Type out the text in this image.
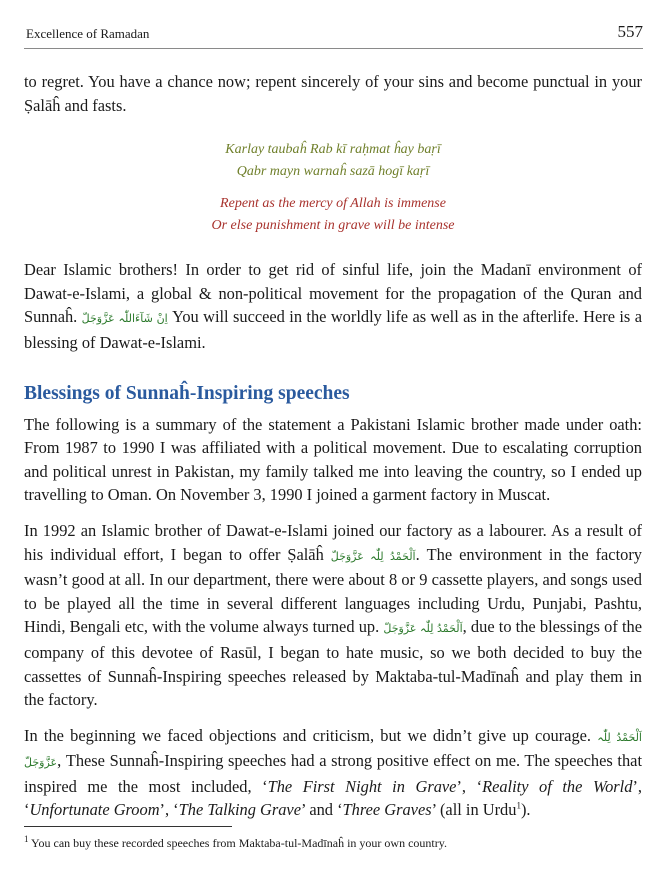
Excellence of Ramadan	557

to regret. You have a chance now; repent sincerely of your sins and become punctual in your Ṣalāĥ and fasts.

Karlay taubaĥ Rab kī raḥmat ĥay baṛī
Qabr mayn warnaĥ sazā hogī kaṛī
Repent as the mercy of Allah is immense
Or else punishment in grave will be intense

Dear Islamic brothers! In order to get rid of sinful life, join the Madanī environment of Dawat-e-Islami, a global & non-political movement for the propagation of the Quran and Sunnaĥ. اِنْ شَآءَاللّٰہ عَزَّوَجَلّ You will succeed in the worldly life as well as in the afterlife. Here is a blessing of Dawat-e-Islami.

Blessings of Sunnaĥ-Inspiring speeches

The following is a summary of the statement a Pakistani Islamic brother made under oath: From 1987 to 1990 I was affiliated with a political movement. Due to escalating corruption and political unrest in Pakistan, my family talked me into leaving the country, so I ended up travelling to Oman. On November 3, 1990 I joined a garment factory in Muscat.

In 1992 an Islamic brother of Dawat-e-Islami joined our factory as a labourer. As a result of his individual effort, I began to offer Ṣalāĥ اَلْحَمْدُ لِلّٰہ عَزَّوَجَلّ. The environment in the factory wasn’t good at all. In our department, there were about 8 or 9 cassette players, and songs used to be played all the time in several different languages including Urdu, Punjabi, Pashtu, Hindi, Bengali etc, with the volume always turned up. اَلْحَمْدُ لِلّٰہ عَزَّوَجَلّ, due to the blessings of the company of this devotee of Rasūl, I began to hate music, so we both decided to buy the cassettes of Sunnaĥ-Inspiring speeches released by Maktaba-tul-Madīnaĥ and play them in the factory.

In the beginning we faced objections and criticism, but we didn’t give up courage. اَلْحَمْدُ لِلّٰہ عَزَّوَجَلّ, These Sunnaĥ-Inspiring speeches had a strong positive effect on me. The speeches that inspired me the most included, ‘The First Night in Grave’, ‘Reality of the World’, ‘Unfortunate Groom’, ‘The Talking Grave’ and ‘Three Graves’ (all in Urdu$^1$).

$^1$ You can buy these recorded speeches from Maktaba-tul-Madīnaĥ in your own country.
